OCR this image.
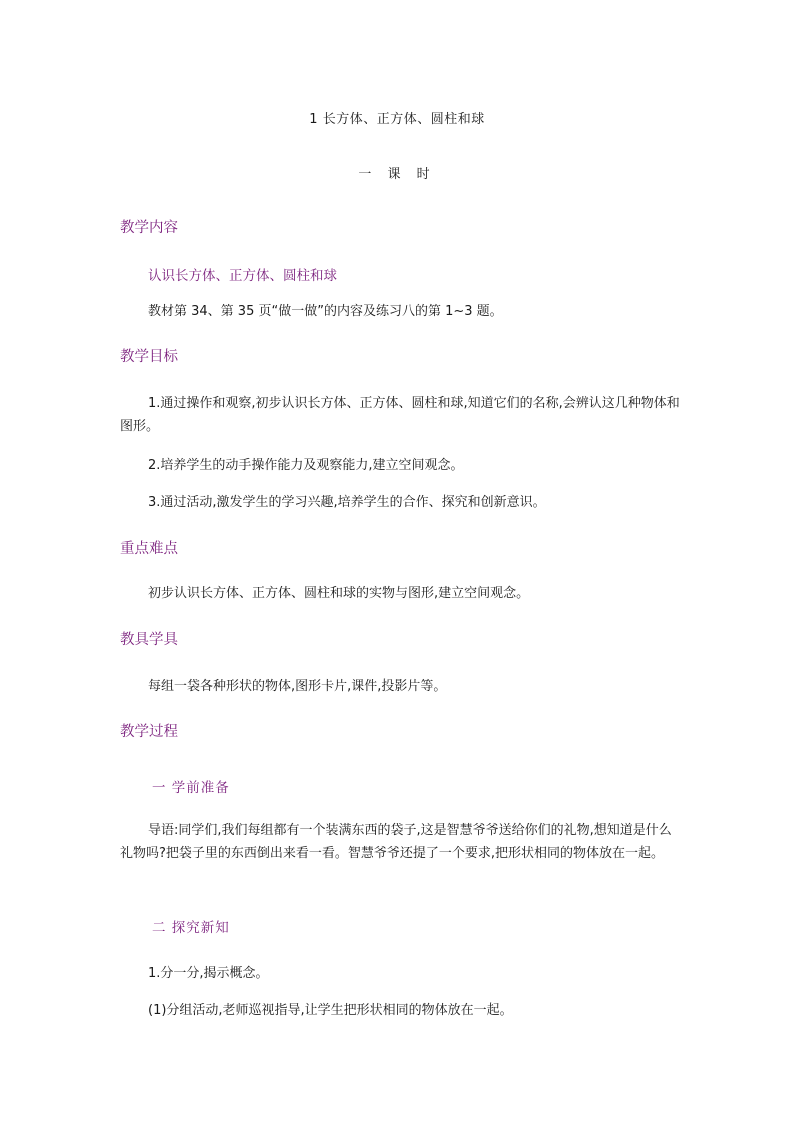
1 长方体、正方体、圆柱和球
一 课 时
教学内容
认识长方体、正方体、圆柱和球
教材第 34、第 35 页“做一做”的内容及练习八的第 1~3 题。
教学目标
1.通过操作和观察,初步认识长方体、正方体、圆柱和球,知道它们的名称,会辨认这几种物体和图形。
2.培养学生的动手操作能力及观察能力,建立空间观念。
3.通过活动,激发学生的学习兴趣,培养学生的合作、探究和创新意识。
重点难点
初步认识长方体、正方体、圆柱和球的实物与图形,建立空间观念。
教具学具
每组一袋各种形状的物体,图形卡片,课件,投影片等。
教学过程
一 学前准备
导语:同学们,我们每组都有一个装满东西的袋子,这是智慧爷爷送给你们的礼物,想知道是什么礼物吗?把袋子里的东西倒出来看一看。智慧爷爷还提了一个要求,把形状相同的物体放在一起。
二 探究新知
1.分一分,揭示概念。
(1)分组活动,老师巡视指导,让学生把形状相同的物体放在一起。
